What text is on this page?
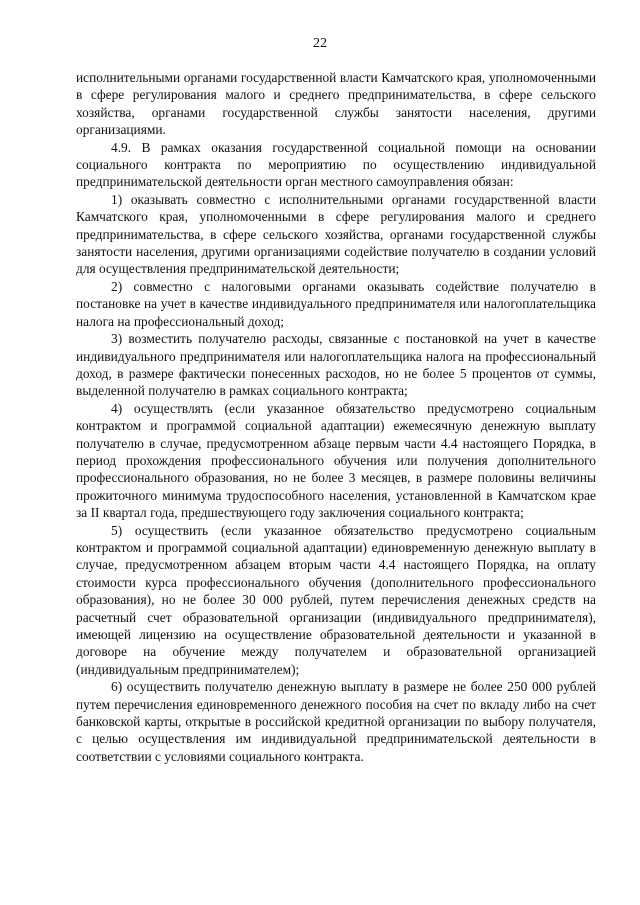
22

исполнительными органами государственной власти Камчатского края, уполномоченными в сфере регулирования малого и среднего предпринимательства, в сфере сельского хозяйства, органами государственной службы занятости населения, другими организациями.

4.9. В рамках оказания государственной социальной помощи на основании социального контракта по мероприятию по осуществлению индивидуальной предпринимательской деятельности орган местного самоуправления обязан:

1) оказывать совместно с исполнительными органами государственной власти Камчатского края, уполномоченными в сфере регулирования малого и среднего предпринимательства, в сфере сельского хозяйства, органами государственной службы занятости населения, другими организациями содействие получателю в создании условий для осуществления предпринимательской деятельности;

2) совместно с налоговыми органами оказывать содействие получателю в постановке на учет в качестве индивидуального предпринимателя или налогоплательщика налога на профессиональный доход;

3) возместить получателю расходы, связанные с постановкой на учет в качестве индивидуального предпринимателя или налогоплательщика налога на профессиональный доход, в размере фактически понесенных расходов, но не более 5 процентов от суммы, выделенной получателю в рамках социального контракта;

4) осуществлять (если указанное обязательство предусмотрено социальным контрактом и программой социальной адаптации) ежемесячную денежную выплату получателю в случае, предусмотренном абзаце первым части 4.4 настоящего Порядка, в период прохождения профессионального обучения или получения дополнительного профессионального образования, но не более 3 месяцев, в размере половины величины прожиточного минимума трудоспособного населения, установленной в Камчатском крае за II квартал года, предшествующего году заключения социального контракта;

5) осуществить (если указанное обязательство предусмотрено социальным контрактом и программой социальной адаптации) единовременную денежную выплату в случае, предусмотренном абзацем вторым части 4.4 настоящего Порядка, на оплату стоимости курса профессионального обучения (дополнительного профессионального образования), но не более 30 000 рублей, путем перечисления денежных средств на расчетный счет образовательной организации (индивидуального предпринимателя), имеющей лицензию на осуществление образовательной деятельности и указанной в договоре на обучение между получателем и образовательной организацией (индивидуальным предпринимателем);

6) осуществить получателю денежную выплату в размере не более 250 000 рублей путем перечисления единовременного денежного пособия на счет по вкладу либо на счет банковской карты, открытые в российской кредитной организации по выбору получателя, с целью осуществления им индивидуальной предпринимательской деятельности в соответствии с условиями социального контракта.
